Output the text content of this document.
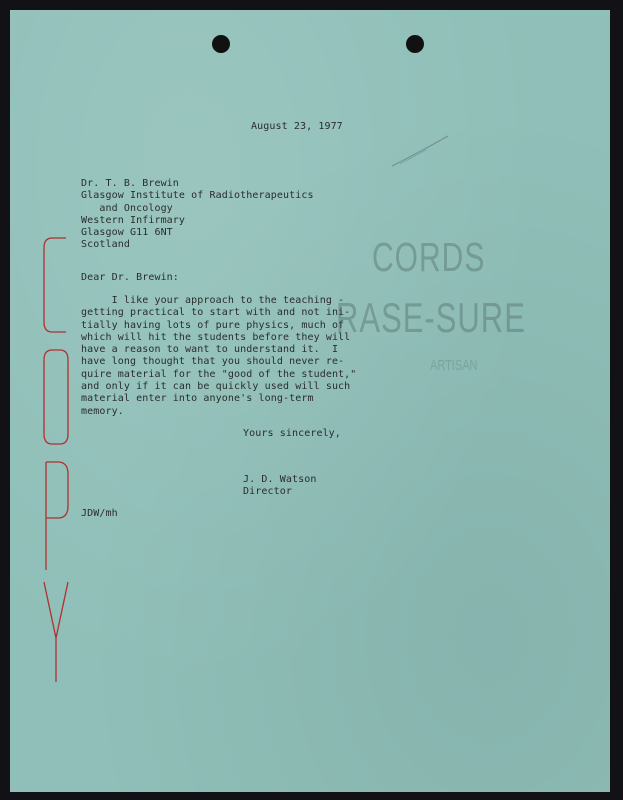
CORDS
RASE-SURE
ARTISAN
COPY
August 23, 1977
Dr. T. B. Brewin
Glasgow Institute of Radiotherapeutics
and Oncology
Western Infirmary
Glasgow G11 6NT
Scotland
Dear Dr. Brewin:
I like your approach to the teaching -
getting practical to start with and not ini-
tially having lots of pure physics, much of
which will hit the students before they will
have a reason to want to understand it.  I
have long thought that you should never re-
quire material for the "good of the student,"
and only if it can be quickly used will such
material enter into anyone's long-term
memory.
Yours sincerely,
J. D. Watson
Director
JDW/mh
